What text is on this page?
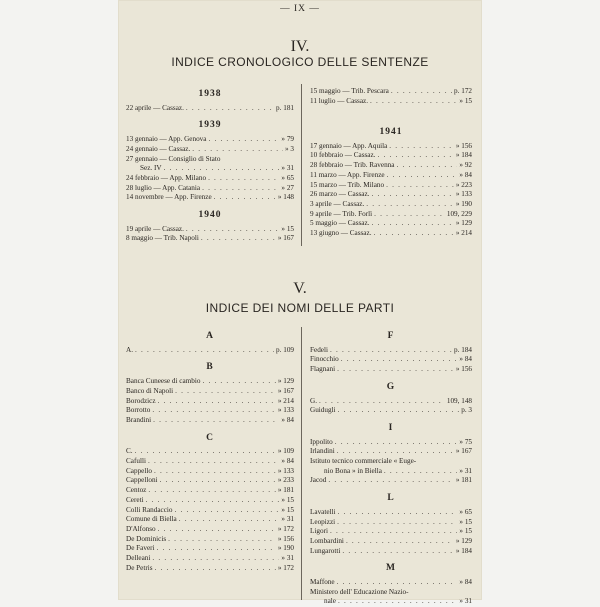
— IX —
IV.
INDICE CRONOLOGICO DELLE SENTENZE
1938
22 aprile — Cassaz. . . .	p. 181
1939
13 gennaio — App. Genova . . .	» 79
24 gennaio — Cassaz. . . .	» 3
27 gennaio — Consiglio di Stato
Sez. IV . . .	» 31
24 febbraio — App. Milano . . .	» 65
28 luglio — App. Catania . . .	» 27
14 novembre — App. Firenze . . .	» 148
1940
19 aprile — Cassaz. . . .	» 15
8 maggio — Trib. Napoli . . .	» 167
15 maggio — Trib. Pescara . . .	p. 172
11 luglio — Cassaz. . . .	» 15
1941
17 gennaio — App. Aquila . . .	» 156
10 febbraio — Cassaz. . . .	» 184
28 febbraio — Trib. Ravenna . . .	» 92
11 marzo — App. Firenze . . .	» 84
15 marzo — Trib. Milano . . .	» 223
26 marzo — Cassaz. . . .	» 133
3 aprile — Cassaz. . . .	» 190
9 aprile — Trib. Forlì . . .	109, 229
5 maggio — Cassaz. . . .	» 129
13 giugno — Cassaz. . . .	» 214
V.
INDICE DEI NOMI DELLE PARTI
A
A. . . .	p. 109
B
Banca Cuneese di cambio . . .	» 129
Banco di Napoli . . .	» 167
Borodzicz . . .	» 214
Borrotto . . .	» 133
Brandini . . .	» 84
C
C. . . .	» 109
Cafulli . . .	» 84
Cappello . . .	» 133
Cappelloni . . .	» 233
Centoz . . .	» 181
Cereti . . .	» 15
Colli Randaccio . . .	» 15
Comune di Biella . . .	» 31
D'Alfonso . . .	» 172
De Dominicis . . .	» 156
De Faveri . . .	» 190
Delleani . . .	» 31
De Petris . . .	» 172
F
Fedeli . . .	p. 184
Finocchio . . .	» 84
Flagnani . . .	» 156
G
G. . . .	109, 148
Guidugli . . .	p. 3
I
Ippolito . . .	» 75
Irlandini . . .	» 167
Istituto tecnico commerciale « Euge-
nio Bona » in Biella . . .	» 31
Jacod . . .	» 181
L
Lavatelli . . .	» 65
Leopizzi . . .	» 15
Ligori . . .	» 15
Lombardini . . .	» 129
Lungarotti . . .	» 184
M
Maffone . . .	» 84
Ministero dell' Educazione Nazio-
nale . . .	» 31
